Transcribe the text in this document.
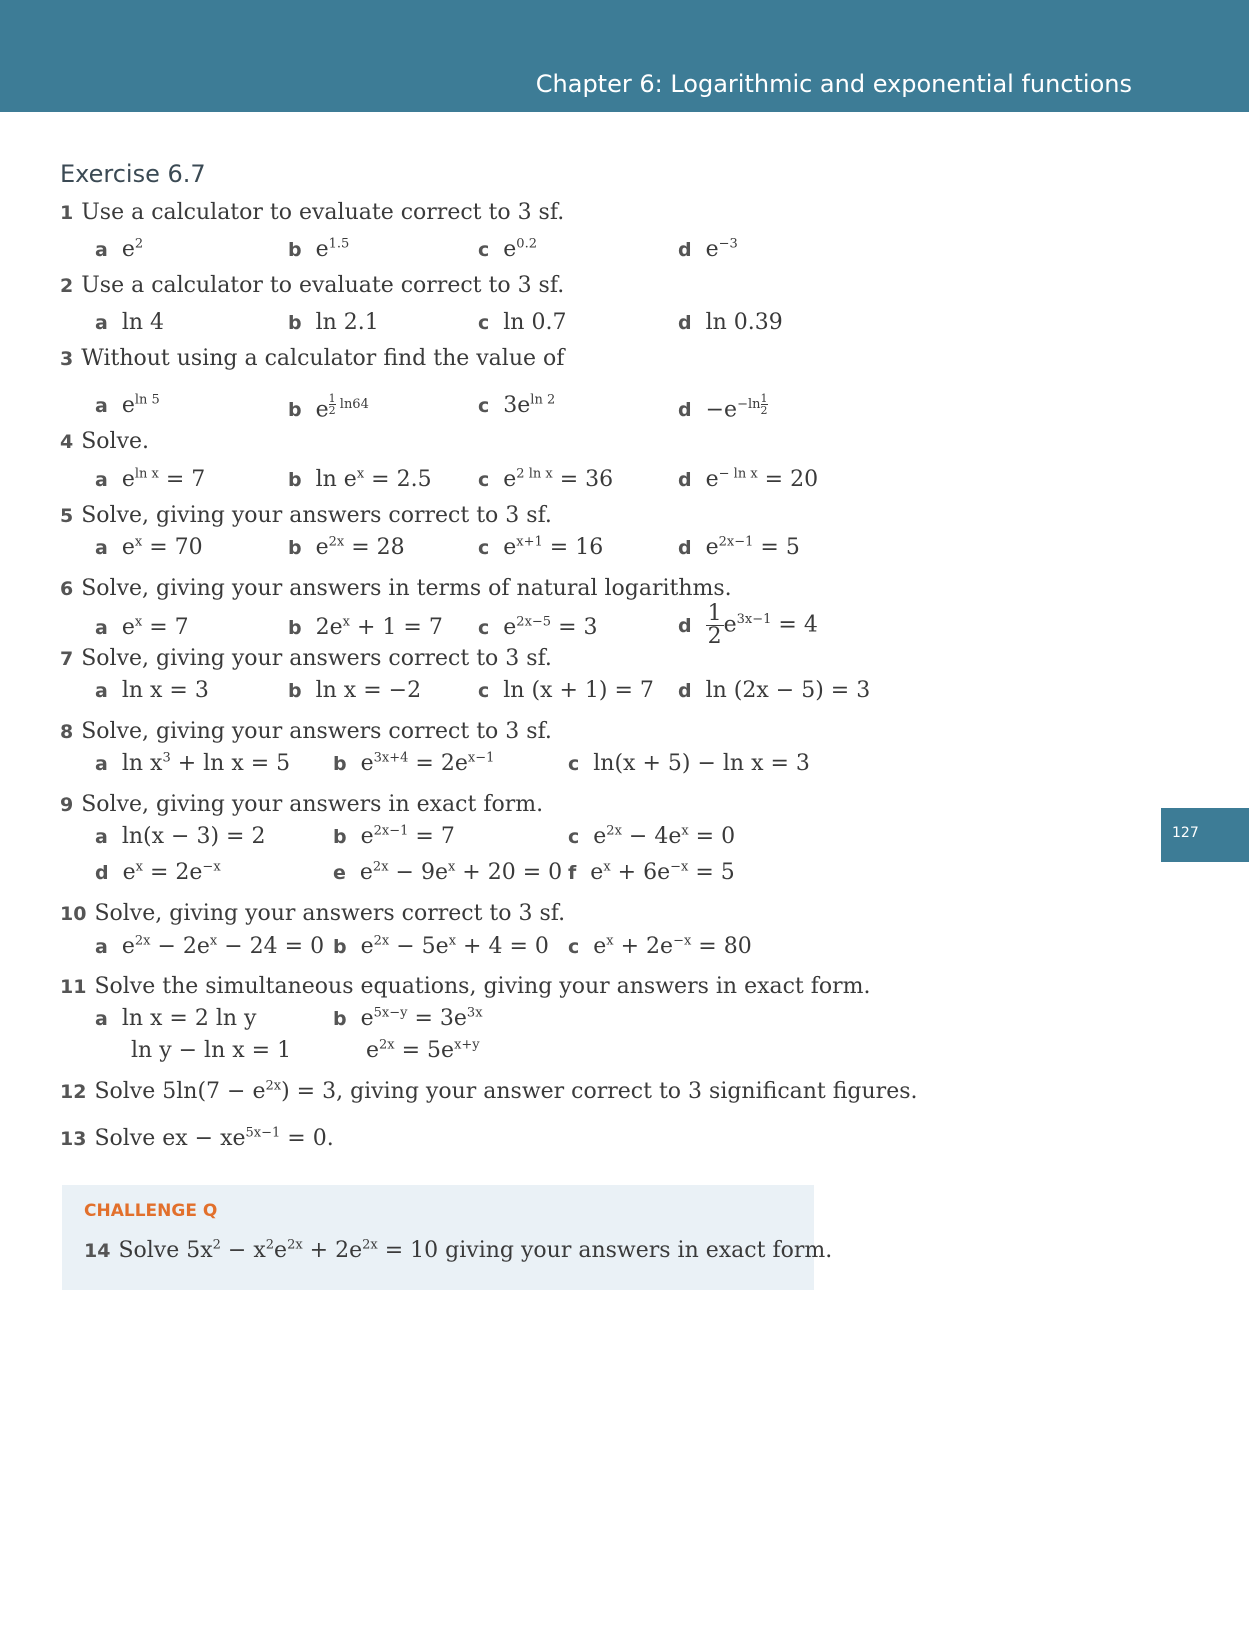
Chapter 6: Logarithmic and exponential functions
Exercise 6.7
1 Use a calculator to evaluate correct to 3 sf.
a $e^2$	b $e^{1.5}$	c $e^{0.2}$	d $e^{-3}$
2 Use a calculator to evaluate correct to 3 sf.
a ln 4	b ln 2.1	c ln 0.7	d ln 0.39
3 Without using a calculator find the value of
a $e^{ln 5}$	b e $^{\frac{1}{2} ln64}$	c $3e^{ln 2}$	$d -e^{-ln \frac{1}{2}}$
4 Solve.
a $e^{ln x} = 7$	b $\ln e^x = 2.5$ c $e^{2 ln x} = 36$	d $e^{- ln x} = 20$
5 Solve, giving your answers correct to 3 sf.
a $e^x = 70$	b $e^{2x} = 28$	c $e^{x+1} = 16$	d $e^{2x-1} = 5$
6 Solve, giving your answers in terms of natural logarithms.
a $e^x = 7$	b $2e^x + 1 = 7$ c $e^{2x-5} = 3$	d $\frac{1}{2} e^{3x-1} = 4$
7 Solve, giving your answers correct to 3 sf.
a ln x = 3	b ln x = −2	c ln (x + 1) = 7 d ln (2x − 5) = 3
8 Solve, giving your answers correct to 3 sf.
a $\ln x^3 + \ln x = 5$ b $e^{3x+4} = 2e^{x-1}$	c ln(x + 5) − ln x = 3
9 Solve, giving your answers in exact form.
a ln(x − 3) = 2	b $e^{2x-1} = 7$	c $e^{2x} - 4e^x = 0$
d $e^x = 2e^{-x}$	e $e^{2x} - 9e^x + 20 = 0$ f $e^x + 6e^{-x} = 5$
10 Solve, giving your answers correct to 3 sf.
a $e^{2x} - 2e^x - 24 = 0$ b $e^{2x} - 5e^x + 4 = 0$ c $e^x + 2e^{-x} = 80$
11 Solve the simultaneous equations, giving your answers in exact form.
a ln x = 2 ln y
ln y − ln x = 1
b $e^{5x-y} = 3e^{3x}$
$e^{2x} = 5e^{x+y}$
12 Solve $5\ln(7 - e^{2x}) = 3$, giving your answer correct to 3 significant figures.
13 Solve ex − $xe^{5x-1} = 0$.
CHALLENGE Q
14 Solve $5x^2 - x^2e^{2x} + 2e^{2x} = 10$ giving your answers in exact form.
127
